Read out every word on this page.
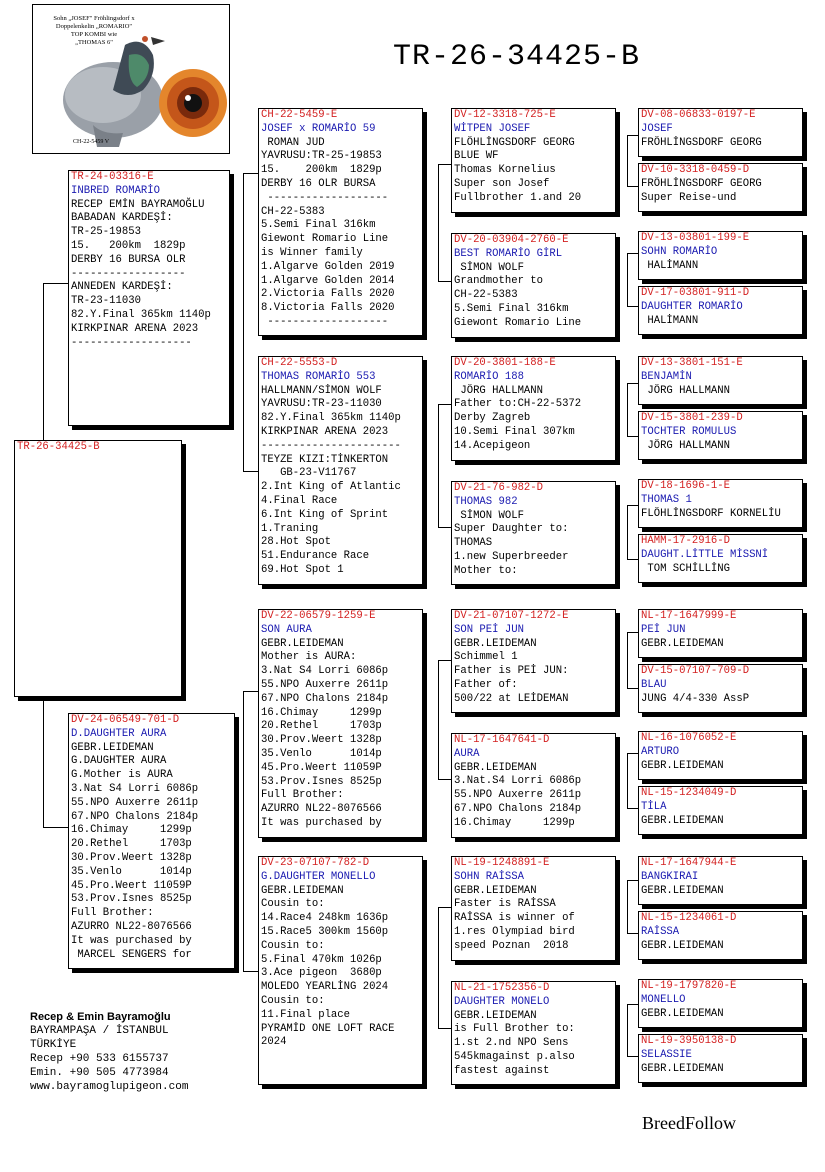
TR-26-34425-B
Sohn „JOSEF" Fröhlingsdorf x
Doppelenkelin „ROMARIO"
TOP KOMBI wie
„THOMAS 6"
CH-22-5459 V
TR-26-34425-B
TR-24-03316-E
INBRED ROMARİO
RECEP EMİN BAYRAMOĞLU
BABADAN KARDEŞİ:
TR-25-19853
15.   200km  1829p
DERBY 16 BURSA OLR
------------------
ANNEDEN KARDEŞİ:
TR-23-11030
82.Y.Final 365km 1140p
KIRKPINAR ARENA 2023
-------------------
DV-24-06549-701-D
D.DAUGHTER AURA
GEBR.LEIDEMAN
G.DAUGHTER AURA
G.Mother is AURA
3.Nat S4 Lorri 6086p
55.NPO Auxerre 2611p
67.NPO Chalons 2184p
16.Chimay     1299p
20.Rethel     1703p
30.Prov.Weert 1328p
35.Venlo      1014p
45.Pro.Weert 11059P
53.Prov.Isnes 8525p
Full Brother:
AZURRO NL22-8076566
It was purchased by
MARCEL SENGERS for
CH-22-5459-E
JOSEF x ROMARİO 59
ROMAN JUD
YAVRUSU:TR-25-19853
15.    200km  1829p
DERBY 16 OLR BURSA
-------------------
CH-22-5383
5.Semi Final 316km
Giewont Romario Line
is Winner family
1.Algarve Golden 2019
1.Algarve Golden 2014
2.Victoria Falls 2020
8.Victoria Falls 2020
-------------------
CH-22-5553-D
THOMAS ROMARİO 553
HALLMANN/SİMON WOLF
YAVRUSU:TR-23-11030
82.Y.Final 365km 1140p
KIRKPINAR ARENA 2023
----------------------
TEYZE KIZI:TİNKERTON
GB-23-V11767
2.Int King of Atlantic
4.Final Race
6.Int King of Sprint
1.Traning
28.Hot Spot
51.Endurance Race
69.Hot Spot 1
DV-22-06579-1259-E
SON AURA
GEBR.LEIDEMAN
Mother is AURA:
3.Nat S4 Lorri 6086p
55.NPO Auxerre 2611p
67.NPO Chalons 2184p
16.Chimay     1299p
20.Rethel     1703p
30.Prov.Weert 1328p
35.Venlo      1014p
45.Pro.Weert 11059P
53.Prov.Isnes 8525p
Full Brother:
AZURRO NL22-8076566
It was purchased by
DV-23-07107-782-D
G.DAUGHTER MONELLO
GEBR.LEIDEMAN
Cousin to:
14.Race4 248km 1636p
15.Race5 300km 1560p
Cousin to:
5.Final 470km 1026p
3.Ace pigeon  3680p
MOLEDO YEARLİNG 2024
Cousin to:
11.Final place
PYRAMİD ONE LOFT RACE
2024
DV-12-3318-725-E
WİTPEN JOSEF
FLÖHLİNGSDORF GEORG
BLUE WF
Thomas Kornelius
Super son Josef
Fullbrother 1.and 20
DV-20-03904-2760-E
BEST ROMARİO GİRL
SİMON WOLF
Grandmother to
CH-22-5383
5.Semi Final 316km
Giewont Romario Line
DV-20-3801-188-E
ROMARİO 188
JÖRG HALLMANN
Father to:CH-22-5372
Derby Zagreb
10.Semi Final 307km
14.Acepigeon
DV-21-76-982-D
THOMAS 982
SİMON WOLF
Super Daughter to:
THOMAS
1.new Superbreeder
Mother to:
DV-21-07107-1272-E
SON PEİ JUN
GEBR.LEIDEMAN
Schimmel 1
Father is PEİ JUN:
Father of:
500/22 at LEİDEMAN
NL-17-1647641-D
AURA
GEBR.LEIDEMAN
3.Nat.S4 Lorri 6086p
55.NPO Auxerre 2611p
67.NPO Chalons 2184p
16.Chimay     1299p
NL-19-1248891-E
SOHN RAİSSA
GEBR.LEIDEMAN
Faster is RAİSSA
RAİSSA is winner of
1.res Olympiad bird
speed Poznan  2018
NL-21-1752356-D
DAUGHTER MONELO
GEBR.LEIDEMAN
is Full Brother to:
1.st 2.nd NPO Sens
545kmagainst p.also
fastest against
DV-08-06833-0197-E
JOSEF
FRÖHLİNGSDORF GEORG
DV-10-3318-0459-D
FRÖHLİNGSDORF GEORG
Super Reise-und
DV-13-03801-199-E
SOHN ROMARİO
HALİMANN
DV-17-03801-911-D
DAUGHTER ROMARİO
HALİMANN
DV-13-3801-151-E
BENJAMİN
JÖRG HALLMANN
DV-15-3801-239-D
TOCHTER ROMULUS
JÖRG HALLMANN
DV-18-1696-1-E
THOMAS 1
FLÖHLİNGSDORF KORNELİU
HAMM-17-2916-D
DAUGHT.LİTTLE MİSSNİ
TOM SCHİLLİNG
NL-17-1647999-E
PEİ JUN
GEBR.LEIDEMAN
DV-15-07107-709-D
BLAU
JUNG 4/4-330 AssP
NL-16-1076052-E
ARTURO
GEBR.LEIDEMAN
NL-15-1234049-D
TİLA
GEBR.LEIDEMAN
NL-17-1647944-E
BANGKIRAI
GEBR.LEIDEMAN
NL-15-1234061-D
RAİSSA
GEBR.LEIDEMAN
NL-19-1797820-E
MONELLO
GEBR.LEIDEMAN
NL-19-3950138-D
SELASSIE
GEBR.LEIDEMAN
Recep & Emin Bayramoğlu
BAYRAMPAŞA / İSTANBUL
TÜRKİYE
Recep +90 533 6155737
Emin. +90 505 4773984
www.bayramoglupigeon.com
BreedFollow
